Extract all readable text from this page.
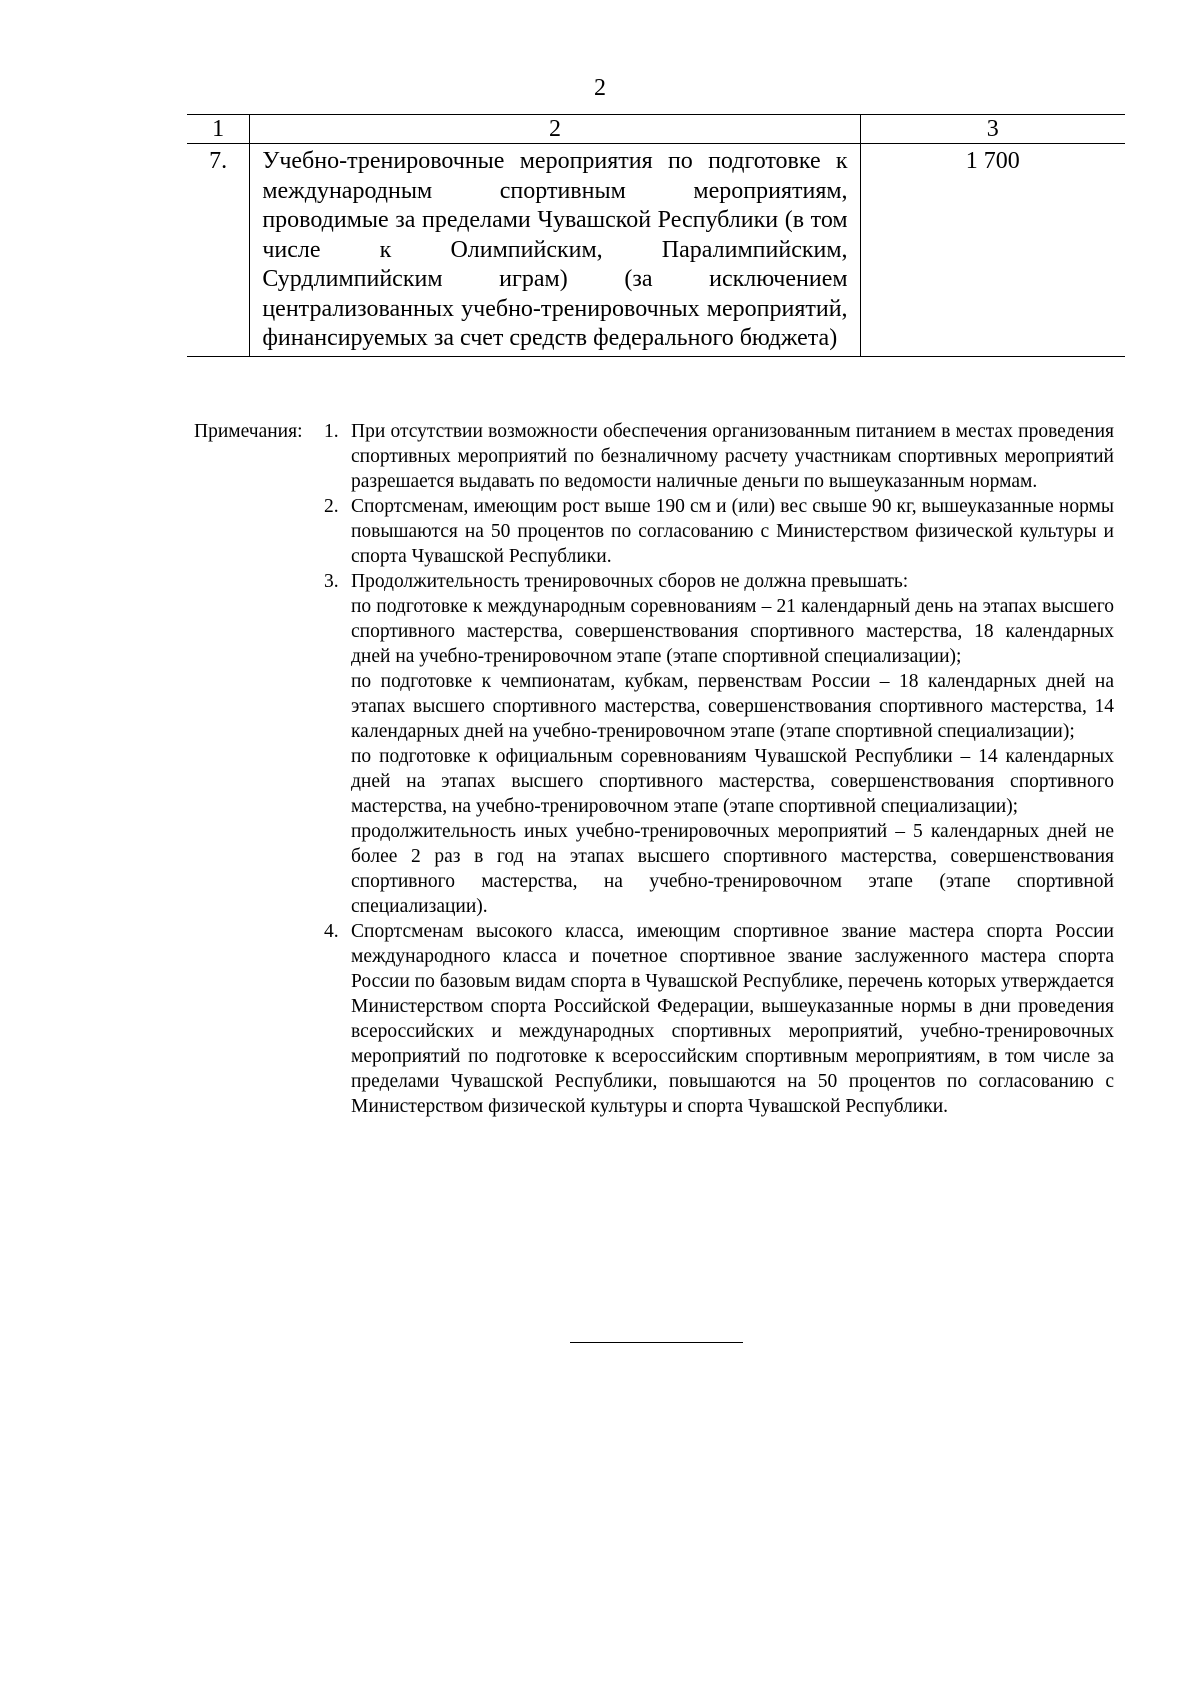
2
1	2	3
7.	Учебно-тренировочные мероприятия по подготовке к международным спортивным мероприятиям, проводимые за пределами Чувашской Республики (в том числе к Олимпийским, Паралимпийским, Сурдлимпийским играм) (за исключением централизованных учебно-тренировочных мероприятий, финансируемых за счет средств федерального бюджета)	1 700
Примечания: 1. При отсутствии возможности обеспечения организованным питанием в местах проведения спортивных мероприятий по безналичному расчету участникам спортивных мероприятий разрешается выдавать по ведомости наличные деньги по вышеуказанным нормам.

2. Спортсменам, имеющим рост выше 190 см и (или) вес свыше 90 кг, вышеуказанные нормы повышаются на 50 процентов по согласованию с Министерством физической культуры и спорта Чувашской Республики.

3. Продолжительность тренировочных сборов не должна превышать:

по подготовке к международным соревнованиям – 21 календарный день на этапах высшего спортивного мастерства, совершенствования спортивного мастерства, 18 календарных дней на учебно-тренировочном этапе (этапе спортивной специализации);

по подготовке к чемпионатам, кубкам, первенствам России – 18 календарных дней на этапах высшего спортивного мастерства, совершенствования спортивного мастерства, 14 календарных дней на учебно-тренировочном этапе (этапе спортивной специализации);

по подготовке к официальным соревнованиям Чувашской Республики – 14 календарных дней на этапах высшего спортивного мастерства, совершенствования спортивного мастерства, на учебно-тренировочном этапе (этапе спортивной специализации);

продолжительность иных учебно-тренировочных мероприятий – 5 календарных дней не более 2 раз в год на этапах высшего спортивного мастерства, совершенствования спортивного мастерства, на учебно-тренировочном этапе (этапе спортивной специализации).

4. Спортсменам высокого класса, имеющим спортивное звание мастера спорта России международного класса и почетное спортивное звание заслуженного мастера спорта России по базовым видам спорта в Чувашской Республике, перечень которых утверждается Министерством спорта Российской Федерации, вышеуказанные нормы в дни проведения всероссийских и международных спортивных мероприятий, учебно-тренировочных мероприятий по подготовке к всероссийским спортивным мероприятиям, в том числе за пределами Чувашской Республики, повышаются на 50 процентов по согласованию с Министерством физической культуры и спорта Чувашской Республики.
